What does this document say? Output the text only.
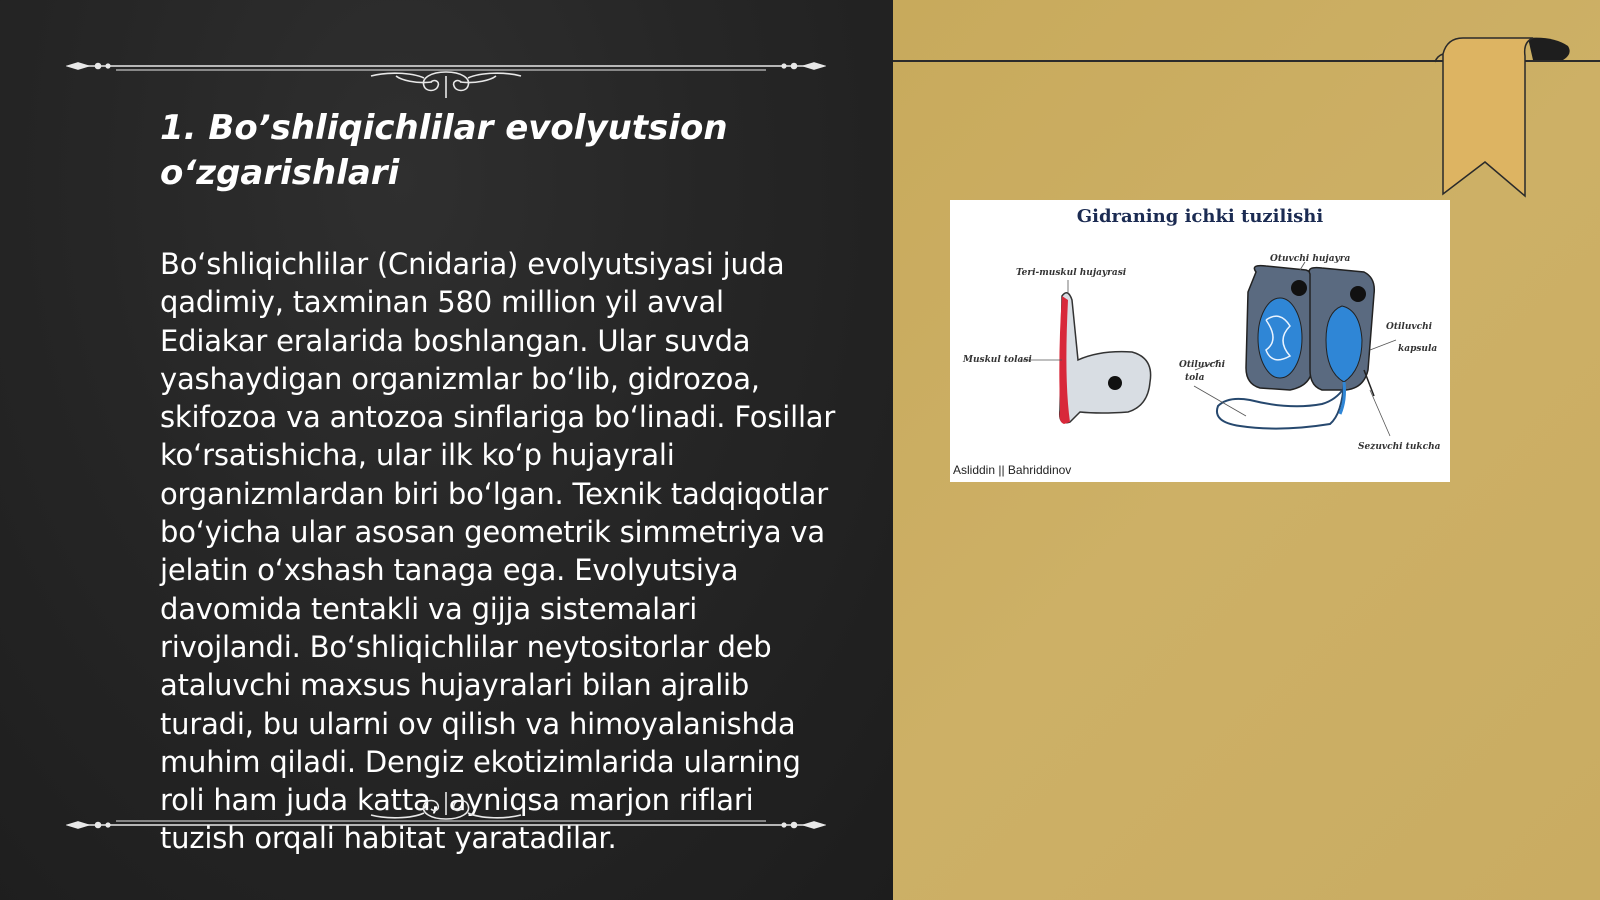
1. Bo’shliqichlilar evolyutsion o‘zgarishlari

Bo‘shliqichlilar (Cnidaria) evolyutsiyasi juda qadimiy, taxminan 580 million yil avval Ediakar eralarida boshlangan. Ular suvda yashaydigan organizmlar bo‘lib, gidrozoa, skifozoa va antozoa sinflariga bo‘linadi. Fosillar ko‘rsatishicha, ular ilk ko‘p hujayrali organizmlardan biri bo‘lgan. Texnik tadqiqotlar bo‘yicha ular asosan geometrik simmetriya va jelatin o‘xshash tanaga ega. Evolyutsiya davomida tentakli va gijja sistemalari rivojlandi. Bo‘shliqichlilar neytositorlar deb ataluvchi maxsus hujayralari bilan ajralib turadi, bu ularni ov qilish va himoyalanishda muhim qiladi. Dengiz ekotizimlarida ularning roli ham juda katta, ayniqsa marjon riflari tuzish orqali habitat yaratadilar.

Gidraning ichki tuzilishi
Teri-muskul hujayrasi
Muskul tolasi
Otuvchi hujayra
Otiluvchi
kapsula
Otiluvchi
tola
Sezuvchi tukcha
Asliddin || Bahriddinov
